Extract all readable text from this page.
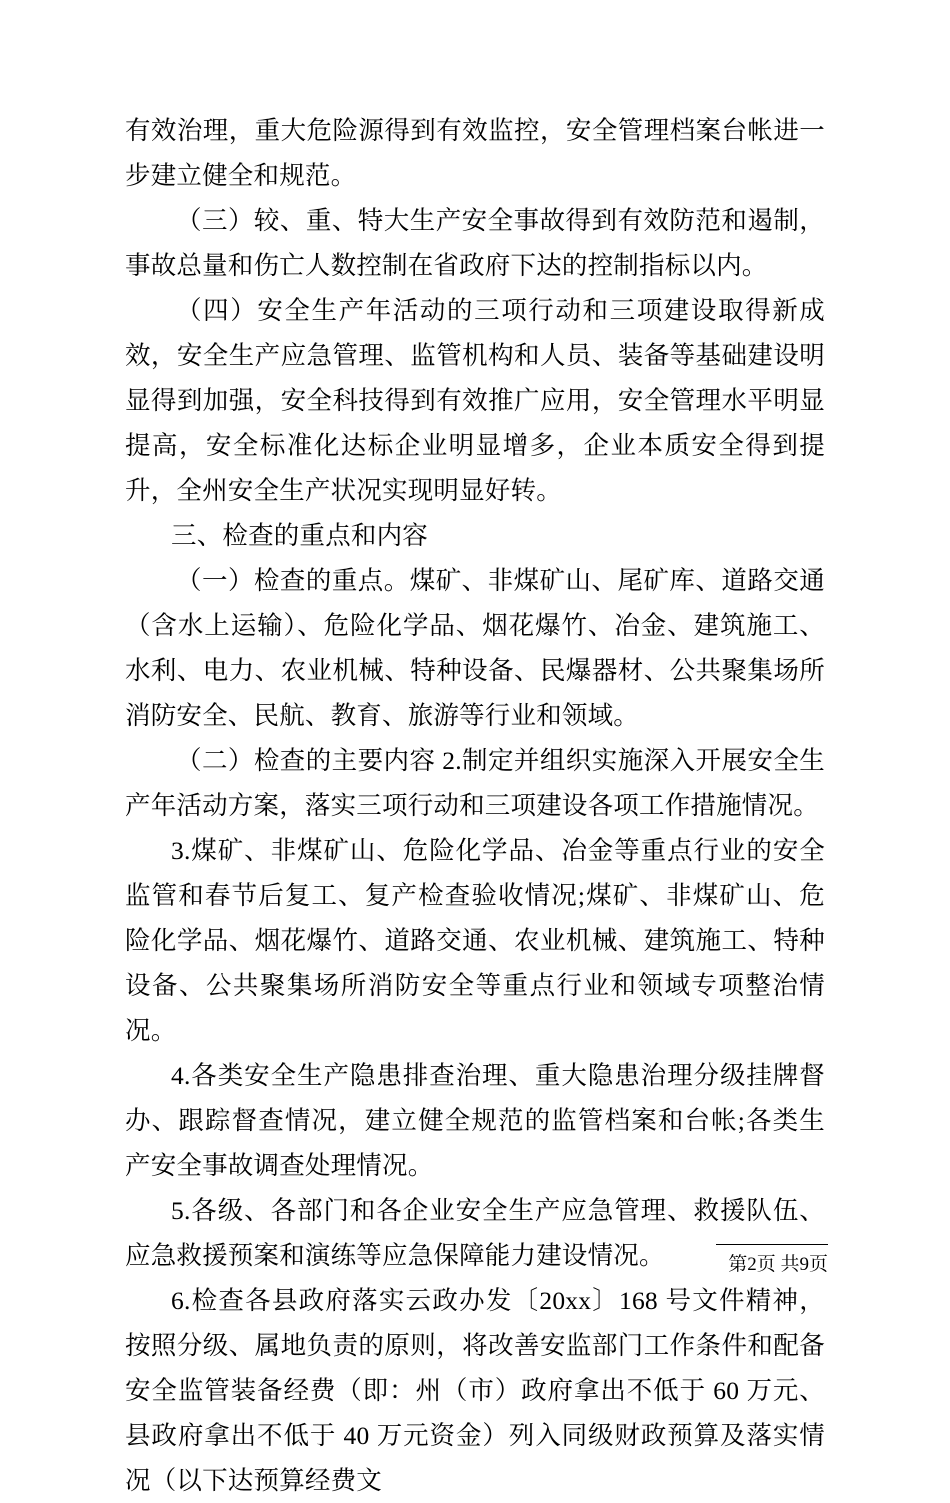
有效治理，重大危险源得到有效监控，安全管理档案台帐进一步建立健全和规范。

（三）较、重、特大生产安全事故得到有效防范和遏制，事故总量和伤亡人数控制在省政府下达的控制指标以内。

（四）安全生产年活动的三项行动和三项建设取得新成效，安全生产应急管理、监管机构和人员、装备等基础建设明显得到加强，安全科技得到有效推广应用，安全管理水平明显提高，安全标准化达标企业明显增多，企业本质安全得到提升，全州安全生产状况实现明显好转。

三、检查的重点和内容

（一）检查的重点。煤矿、非煤矿山、尾矿库、道路交通（含水上运输）、危险化学品、烟花爆竹、冶金、建筑施工、水利、电力、农业机械、特种设备、民爆器材、公共聚集场所消防安全、民航、教育、旅游等行业和领域。

（二）检查的主要内容 2.制定并组织实施深入开展安全生产年活动方案，落实三项行动和三项建设各项工作措施情况。

3.煤矿、非煤矿山、危险化学品、冶金等重点行业的安全监管和春节后复工、复产检查验收情况;煤矿、非煤矿山、危险化学品、烟花爆竹、道路交通、农业机械、建筑施工、特种设备、公共聚集场所消防安全等重点行业和领域专项整治情况。

4.各类安全生产隐患排查治理、重大隐患治理分级挂牌督办、跟踪督查情况，建立健全规范的监管档案和台帐;各类生产安全事故调查处理情况。

5.各级、各部门和各企业安全生产应急管理、救援队伍、应急救援预案和演练等应急保障能力建设情况。

6.检查各县政府落实云政办发〔20xx〕168 号文件精神，按照分级、属地负责的原则，将改善安监部门工作条件和配备安全监管装备经费（即：州（市）政府拿出不低于 60 万元、县政府拿出不低于 40 万元资金）列入同级财政预算及落实情况（以下达预算经费文

第2页 共9页
